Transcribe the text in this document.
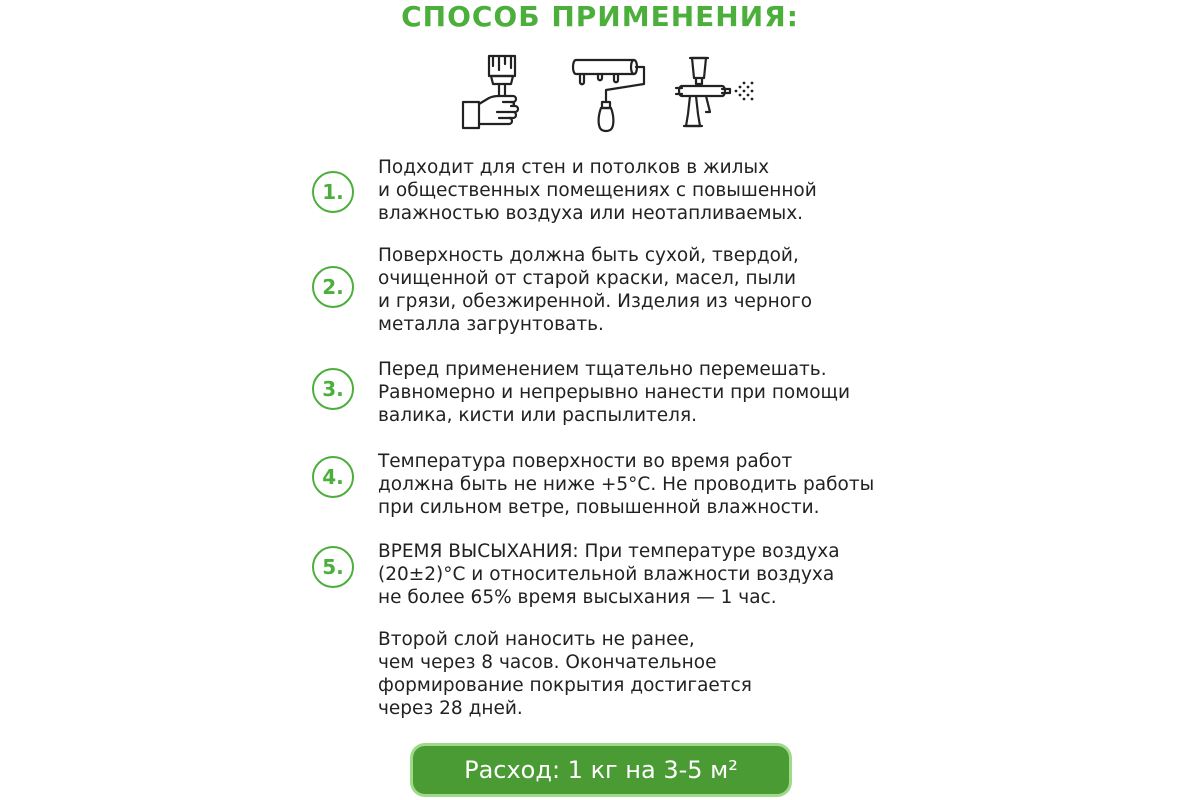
СПОСОБ ПРИМЕНЕНИЯ:
1.
Подходит для стен и потолков в жилых
и общественных помещениях с повышенной
влажностью воздуха или неотапливаемых.
2.
Поверхность должна быть сухой, твердой,
очищенной от старой краски, масел, пыли
и грязи, обезжиренной. Изделия из черного
металла загрунтовать.
3.
Перед применением тщательно перемешать.
Равномерно и непрерывно нанести при помощи
валика, кисти или распылителя.
4.
Температура поверхности во время работ
должна быть не ниже +5°С. Не проводить работы
при сильном ветре, повышенной влажности.
5.
ВРЕМЯ ВЫСЫХАНИЯ: При температуре воздуха
(20±2)°С и относительной влажности воздуха
не более 65% время высыхания — 1 час.
Второй слой наносить не ранее,
чем через 8 часов. Окончательное
формирование покрытия достигается
через 28 дней.
Расход: 1 кг на 3-5 м²
